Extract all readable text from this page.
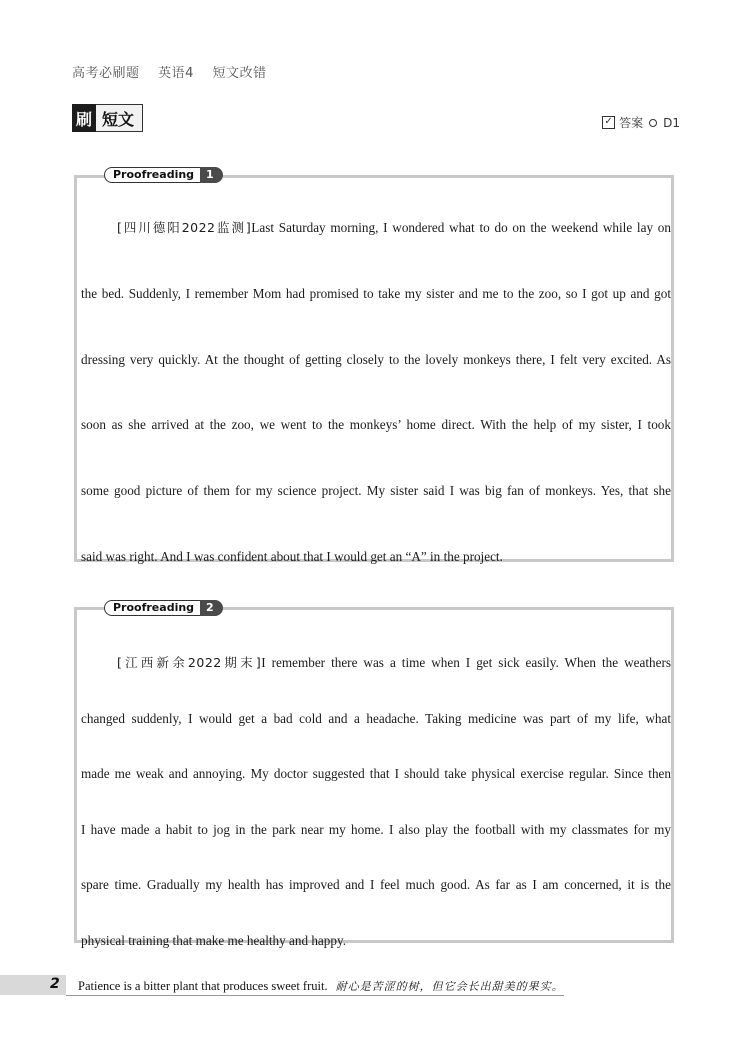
高考必刷题 英语4 短文改错
刷 短文	✓ 答案 D1
Proofreading	1
[四川德阳2022监测]Last Saturday morning, I wondered what to do on the weekend while lay on
the bed. Suddenly, I remember Mom had promised to take my sister and me to the zoo, so I got up and got
dressing very quickly. At the thought of getting closely to the lovely monkeys there, I felt very excited. As
soon as she arrived at the zoo, we went to the monkeys’ home direct. With the help of my sister, I took
some good picture of them for my science project. My sister said I was big fan of monkeys. Yes, that she
said was right. And I was confident about that I would get an “A” in the project.
Proofreading	2
[江西新余2022期末]I remember there was a time when I get sick easily. When the weathers
changed suddenly, I would get a bad cold and a headache. Taking medicine was part of my life, what
made me weak and annoying. My doctor suggested that I should take physical exercise regular. Since then
I have made a habit to jog in the park near my home. I also play the football with my classmates for my
spare time. Gradually my health has improved and I feel much good. As far as I am concerned, it is the
physical training that make me healthy and happy.
2 Patience is a bitter plant that produces sweet fruit. 耐心是苦涩的树，但它会长出甜美的果实。
